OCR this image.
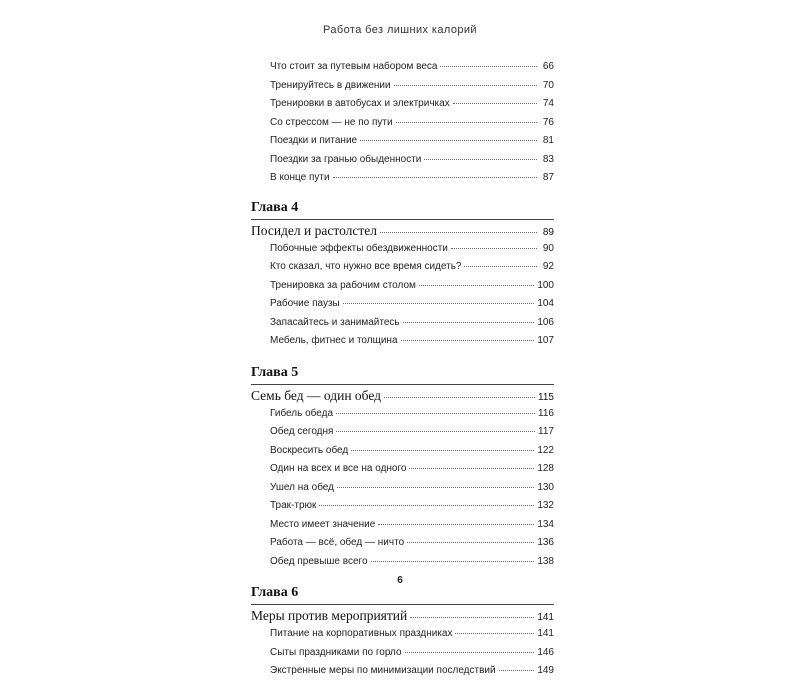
Работа без лишних калорий
Что стоит за путевым набором веса	66
Тренируйтесь в движении	70
Тренировки в автобусах и электричках	74
Со стрессом — не по пути	76
Поездки и питание	81
Поездки за гранью обыденности	83
В конце пути	87
Глава 4
Посидел и растолстел	89
Побочные эффекты обездвиженности	90
Кто сказал, что нужно все время сидеть?	92
Тренировка за рабочим столом	100
Рабочие паузы	104
Запасайтесь и занимайтесь	106
Мебель, фитнес и толщина	107
Глава 5
Семь бед — один обед	115
Гибель обеда	116
Обед сегодня	117
Воскресить обед	122
Один на всех и все на одного	128
Ушел на обед	130
Трак-трюк	132
Место имеет значение	134
Работа — всё, обед — ничто	136
Обед превыше всего	138
Глава 6
Меры против мероприятий	141
Питание на корпоративных праздниках	141
Сыты праздниками по горло	146
Экстренные меры по минимизации последствий	149
6
